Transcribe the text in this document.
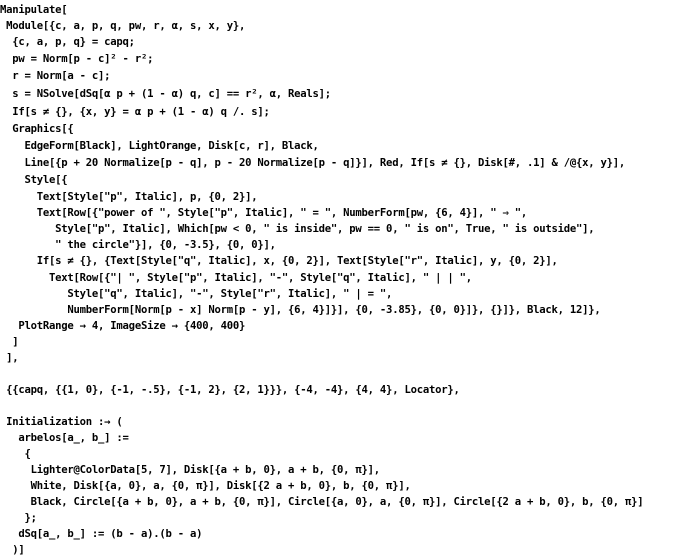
Manipulate[
Module[{c, a, p, q, pw, r, α, s, x, y},
{c, a, p, q} = capq;
pw = Norm[p - c]² - r²;
r = Norm[a - c];
s = NSolve[dSq[α p + (1 - α) q, c] == r², α, Reals];
If[s ≠ {}, {x, y} = α p + (1 - α) q /. s];
Graphics[{
EdgeForm[Black], LightOrange, Disk[c, r], Black,
Line[{p + 20 Normalize[p - q], p - 20 Normalize[p - q]}], Red, If[s ≠ {}, Disk[#, .1] & /@{x, y}],
Style[{
Text[Style["p", Italic], p, {0, 2}],
Text[Row[{"power of ", Style["p", Italic], " = ", NumberForm[pw, {6, 4}], " ⇒ ",
Style["p", Italic], Which[pw < 0, " is inside", pw == 0, " is on", True, " is outside"],
" the circle"}], {0, -3.5}, {0, 0}],
If[s ≠ {}, {Text[Style["q", Italic], x, {0, 2}], Text[Style["r", Italic], y, {0, 2}],
Text[Row[{"| ", Style["p", Italic], "-", Style["q", Italic], " | | ",
Style["q", Italic], "-", Style["r", Italic], " | = ",
NumberForm[Norm[p - x] Norm[p - y], {6, 4}]}], {0, -3.85}, {0, 0}]}, {}]}, Black, 12]},
PlotRange → 4, ImageSize → {400, 400}
]
],
{{capq, {{1, 0}, {-1, -.5}, {-1, 2}, {2, 1}}}, {-4, -4}, {4, 4}, Locator},
Initialization :→ (
arbelos[a_, b_] :=
{
Lighter@ColorData[5, 7], Disk[{a + b, 0}, a + b, {0, π}],
White, Disk[{a, 0}, a, {0, π}], Disk[{2 a + b, 0}, b, {0, π}],
Black, Circle[{a + b, 0}, a + b, {0, π}], Circle[{a, 0}, a, {0, π}], Circle[{2 a + b, 0}, b, {0, π}]
};
dSq[a_, b_] := (b - a).(b - a)
)]
